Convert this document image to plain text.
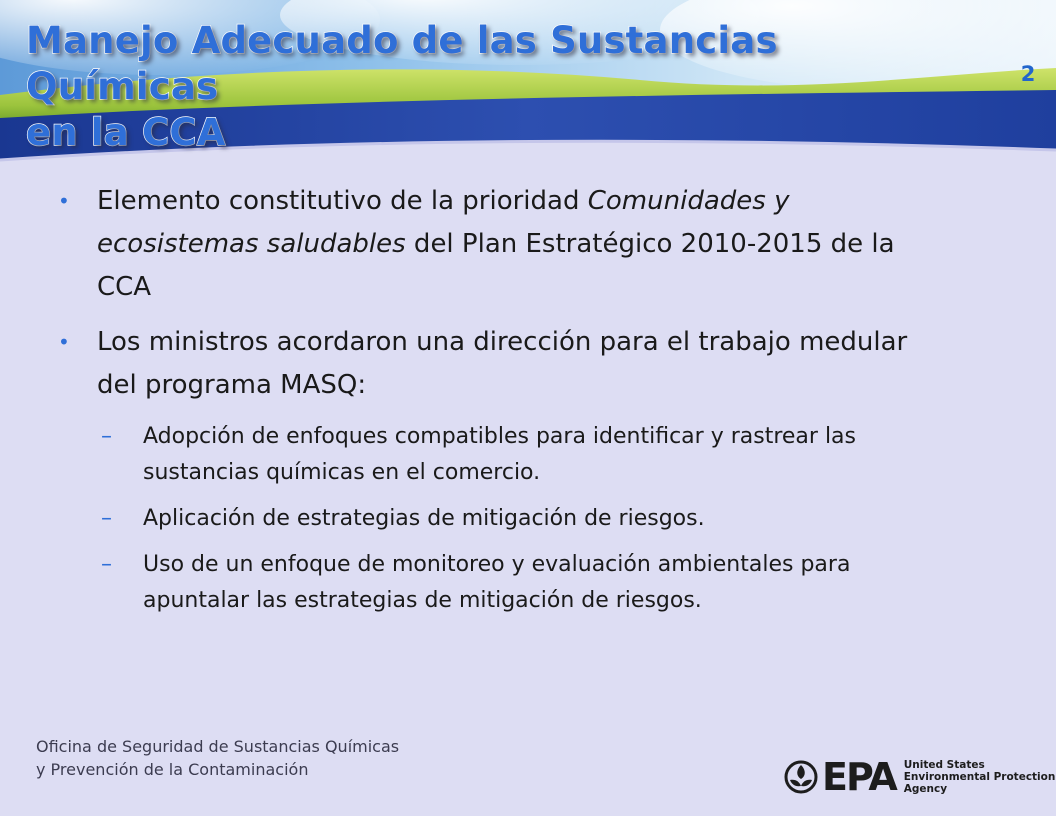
Manejo Adecuado de las Sustancias Químicas
en la CCA
2
• Elemento constitutivo de la prioridad Comunidades y ecosistemas saludables del Plan Estratégico 2010-2015 de la CCA
• Los ministros acordaron una dirección para el trabajo medular del programa MASQ:
– Adopción de enfoques compatibles para identificar y rastrear las sustancias químicas en el comercio.
– Aplicación de estrategias de mitigación de riesgos.
– Uso de un enfoque de monitoreo y evaluación ambientales para apuntalar las estrategias de mitigación de riesgos.
Oficina de Seguridad de Sustancias Químicas
y Prevención de la Contaminación	EPA United States
Environmental Protection
Agency
